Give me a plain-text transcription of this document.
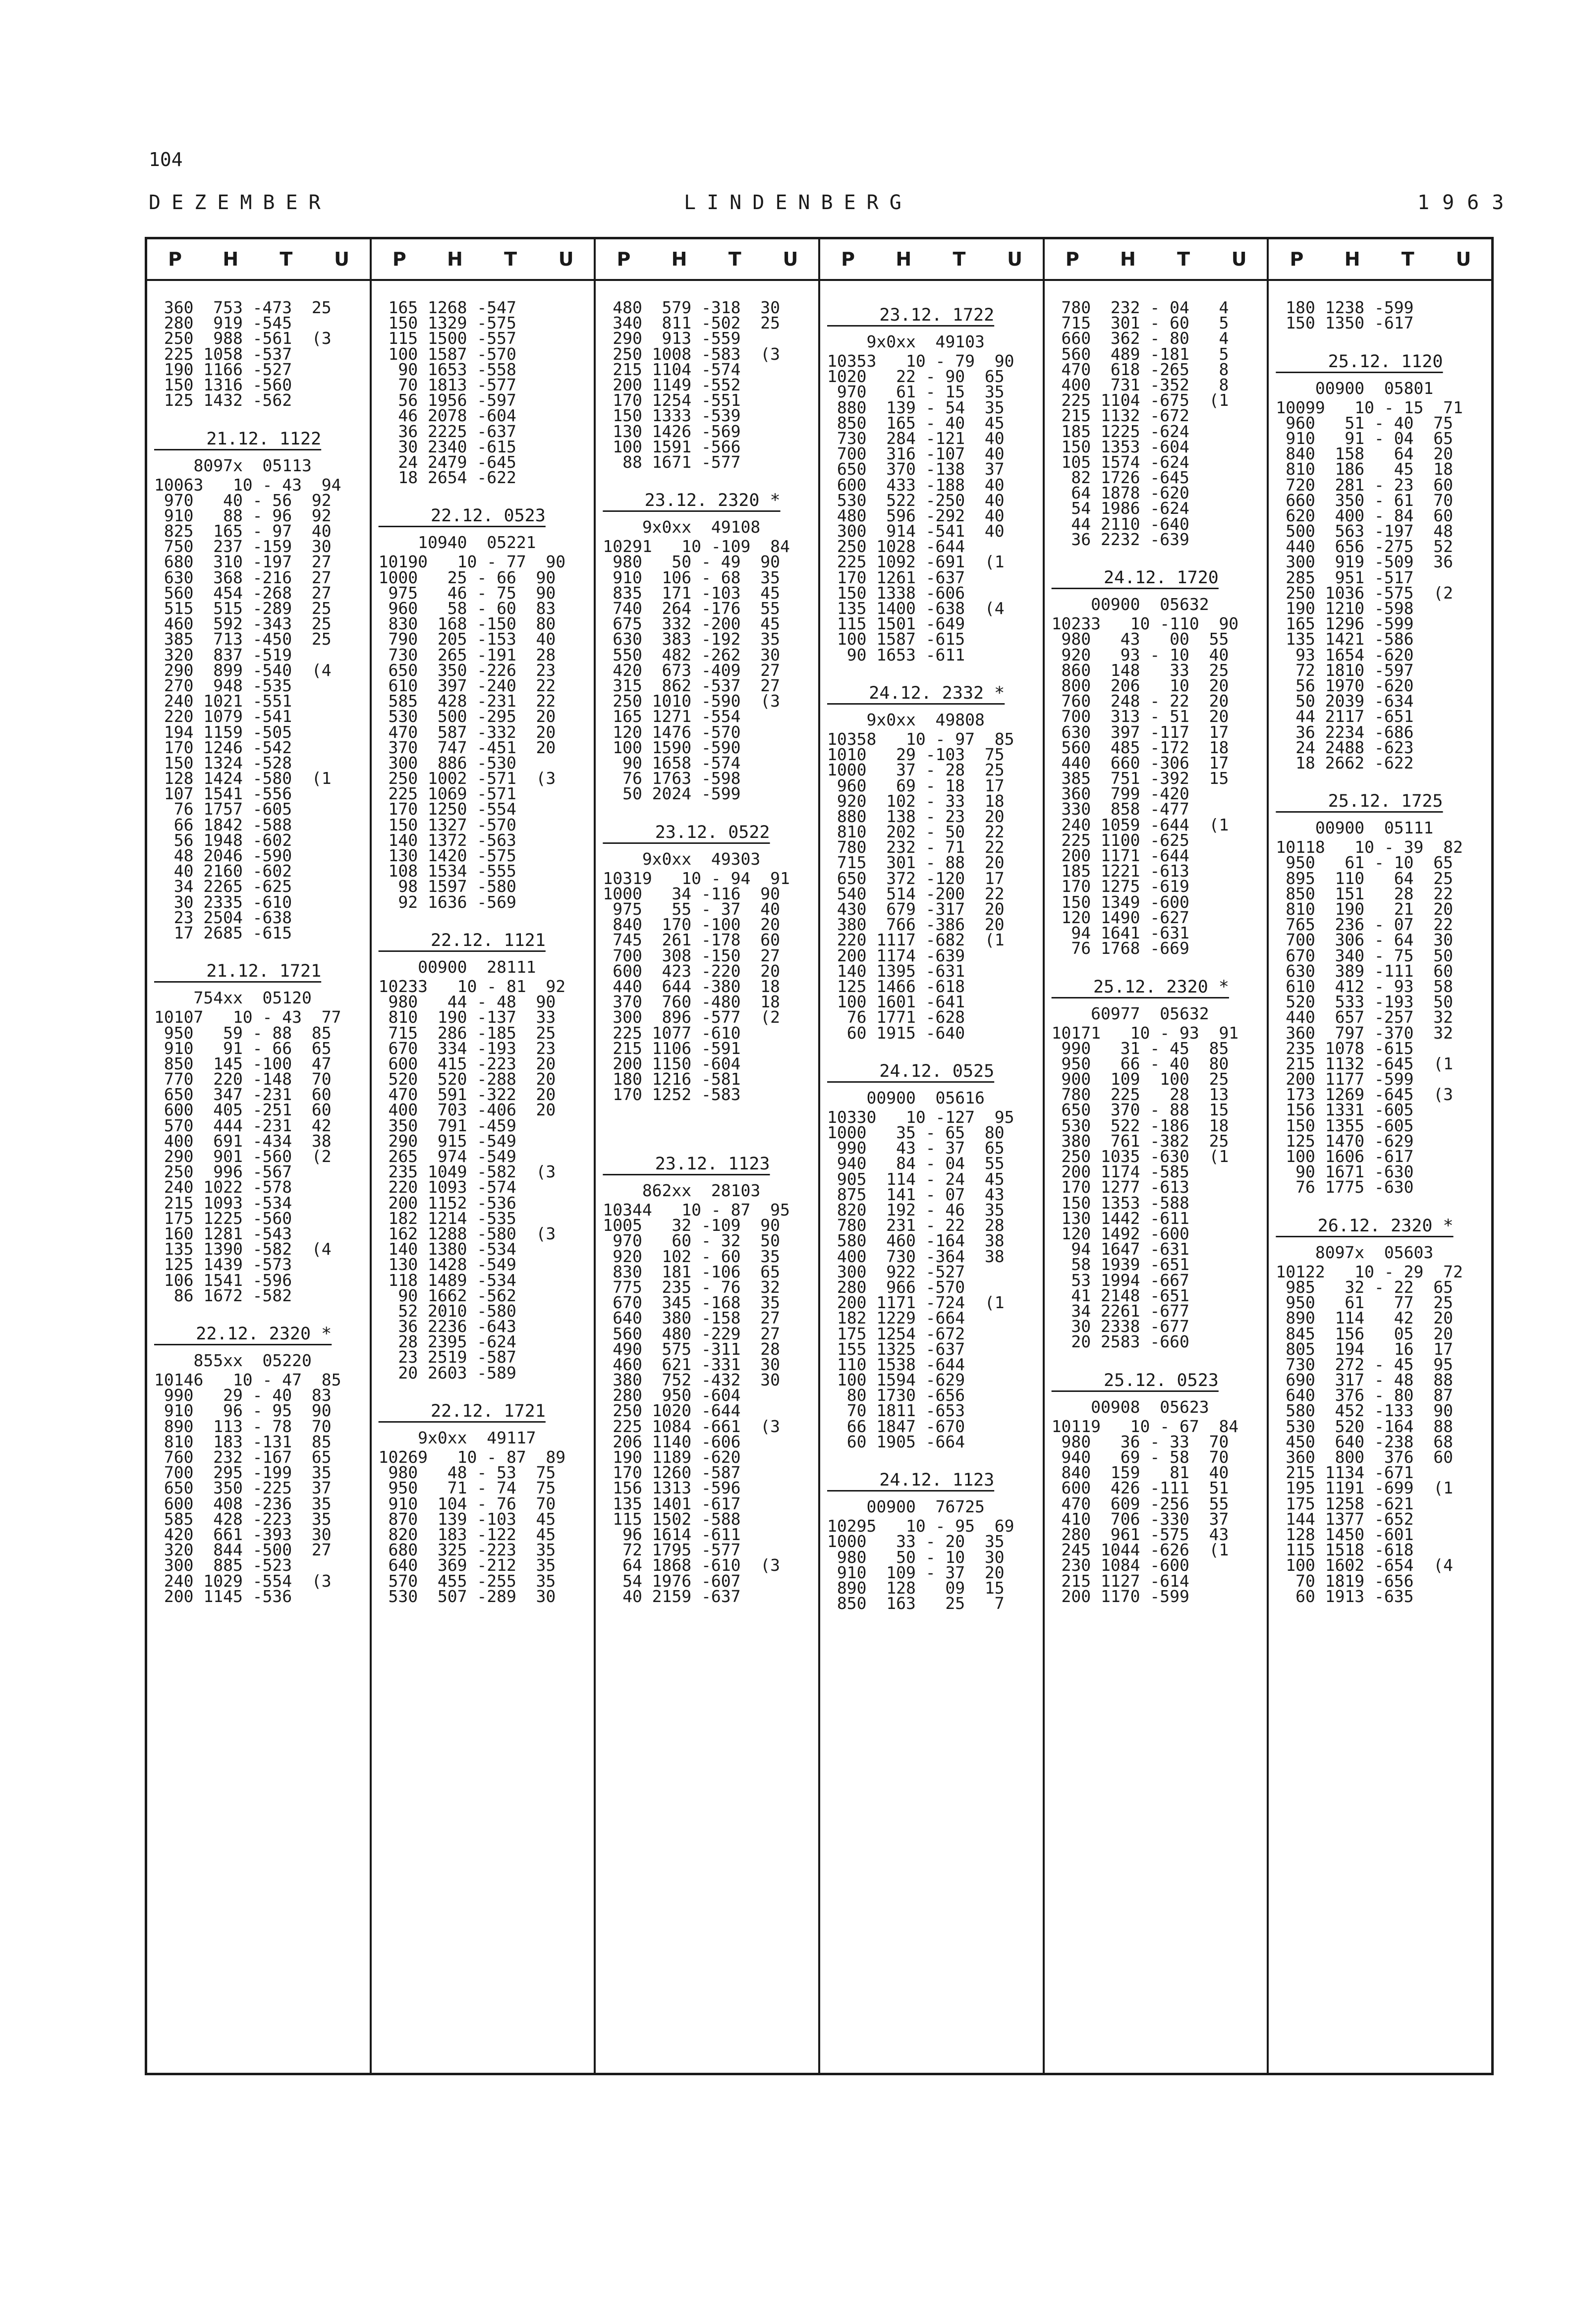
104
DEZEMBER	LINDENBERG	1963
P	H	T	U
360  753 -473  25
280  919 -545
250  988 -561  (3
225 1058 -537
190 1166 -527
150 1316 -560
125 1432 -562
21.12. 1122
8097x  05113
10063   10 - 43  94
970   40 - 56  92
910   88 - 96  92
825  165 - 97  40
750  237 -159  30
680  310 -197  27
630  368 -216  27
560  454 -268  27
515  515 -289  25
460  592 -343  25
385  713 -450  25
320  837 -519
290  899 -540  (4
270  948 -535
240 1021 -551
220 1079 -541
194 1159 -505
170 1246 -542
150 1324 -528
128 1424 -580  (1
107 1541 -556
76 1757 -605
66 1842 -588
56 1948 -602
48 2046 -590
40 2160 -602
34 2265 -625
30 2335 -610
23 2504 -638
17 2685 -615
21.12. 1721
754xx  05120
10107   10 - 43  77
950   59 - 88  85
910   91 - 66  65
850  145 -100  47
770  220 -148  70
650  347 -231  60
600  405 -251  60
570  444 -231  42
400  691 -434  38
290  901 -560  (2
250  996 -567
240 1022 -578
215 1093 -534
175 1225 -560
160 1281 -543
135 1390 -582  (4
125 1439 -573
106 1541 -596
86 1672 -582
22.12. 2320 *
855xx  05220
10146   10 - 47  85
990   29 - 40  83
910   96 - 95  90
890  113 - 78  70
810  183 -131  85
760  232 -167  65
700  295 -199  35
650  350 -225  37
600  408 -236  35
585  428 -223  35
420  661 -393  30
320  844 -500  27
300  885 -523
240 1029 -554  (3
200 1145 -536
P	H	T	U
165 1268 -547
150 1329 -575
115 1500 -557
100 1587 -570
90 1653 -558
70 1813 -577
56 1956 -597
46 2078 -604
36 2225 -637
30 2340 -615
24 2479 -645
18 2654 -622
22.12. 0523
10940  05221
10190   10 - 77  90
1000   25 - 66  90
975   46 - 75  90
960   58 - 60  83
830  168 -150  80
790  205 -153  40
730  265 -191  28
650  350 -226  23
610  397 -240  22
585  428 -231  22
530  500 -295  20
470  587 -332  20
370  747 -451  20
300  886 -530
250 1002 -571  (3
225 1069 -571
170 1250 -554
150 1327 -570
140 1372 -563
130 1420 -575
108 1534 -555
98 1597 -580
92 1636 -569
22.12. 1121
00900  28111
10233   10 - 81  92
980   44 - 48  90
810  190 -137  33
715  286 -185  25
670  334 -193  23
600  415 -223  20
520  520 -288  20
470  591 -322  20
400  703 -406  20
350  791 -459
290  915 -549
265  974 -549
235 1049 -582  (3
220 1093 -574
200 1152 -536
182 1214 -535
162 1288 -580  (3
140 1380 -534
130 1428 -549
118 1489 -534
90 1662 -562
52 2010 -580
36 2236 -643
28 2395 -624
23 2519 -587
20 2603 -589
22.12. 1721
9x0xx  49117
10269   10 - 87  89
980   48 - 53  75
950   71 - 74  75
910  104 - 76  70
870  139 -103  45
820  183 -122  45
680  325 -223  35
640  369 -212  35
570  455 -255  35
530  507 -289  30
P	H	T	U
480  579 -318  30
340  811 -502  25
290  913 -559
250 1008 -583  (3
215 1104 -574
200 1149 -552
170 1254 -551
150 1333 -539
130 1426 -569
100 1591 -566
88 1671 -577
23.12. 2320 *
9x0xx  49108
10291   10 -109  84
980   50 - 49  90
910  106 - 68  35
835  171 -103  45
740  264 -176  55
675  332 -200  45
630  383 -192  35
550  482 -262  30
420  673 -409  27
315  862 -537  27
250 1010 -590  (3
165 1271 -554
120 1476 -570
100 1590 -590
90 1658 -574
76 1763 -598
50 2024 -599
23.12. 0522
9x0xx  49303
10319   10 - 94  91
1000   34 -116  90
975   55 - 37  40
840  170 -100  20
745  261 -178  60
700  308 -150  27
600  423 -220  20
440  644 -380  18
370  760 -480  18
300  896 -577  (2
225 1077 -610
215 1106 -591
200 1150 -604
180 1216 -581
170 1252 -583
23.12. 1123
862xx  28103
10344   10 - 87  95
1005   32 -109  90
970   60 - 32  50
920  102 - 60  35
830  181 -106  65
775  235 - 76  32
670  345 -168  35
640  380 -158  27
560  480 -229  27
490  575 -311  28
460  621 -331  30
380  752 -432  30
280  950 -604
250 1020 -644
225 1084 -661  (3
206 1140 -606
190 1189 -620
170 1260 -587
156 1313 -596
135 1401 -617
115 1502 -588
96 1614 -611
72 1795 -577
64 1868 -610  (3
54 1976 -607
40 2159 -637
P	H	T	U
23.12. 1722
9x0xx  49103
10353   10 - 79  90
1020   22 - 90  65
970   61 - 15  35
880  139 - 54  35
850  165 - 40  45
730  284 -121  40
700  316 -107  40
650  370 -138  37
600  433 -188  40
530  522 -250  40
480  596 -292  40
300  914 -541  40
250 1028 -644
225 1092 -691  (1
170 1261 -637
150 1338 -606
135 1400 -638  (4
115 1501 -649
100 1587 -615
90 1653 -611
24.12. 2332 *
9x0xx  49808
10358   10 - 97  85
1010   29 -103  75
1000   37 - 28  25
960   69 - 18  17
920  102 - 33  18
880  138 - 23  20
810  202 - 50  22
780  232 - 71  22
715  301 - 88  20
650  372 -120  17
540  514 -200  22
430  679 -317  20
380  766 -386  20
220 1117 -682  (1
200 1174 -639
140 1395 -631
125 1466 -618
100 1601 -641
76 1771 -628
60 1915 -640
24.12. 0525
00900  05616
10330   10 -127  95
1000   35 - 65  80
990   43 - 37  65
940   84 - 04  55
905  114 - 24  45
875  141 - 07  43
820  192 - 46  35
780  231 - 22  28
580  460 -164  38
400  730 -364  38
300  922 -527
280  966 -570
200 1171 -724  (1
182 1229 -664
175 1254 -672
155 1325 -637
110 1538 -644
100 1594 -629
80 1730 -656
70 1811 -653
66 1847 -670
60 1905 -664
24.12. 1123
00900  76725
10295   10 - 95  69
1000   33 - 20  35
980   50 - 10  30
910  109 - 37  20
890  128   09  15
850  163   25   7
P	H	T	U
780  232 - 04   4
715  301 - 60   5
660  362 - 80   4
560  489 -181   5
470  618 -265   8
400  731 -352   8
225 1104 -675  (1
215 1132 -672
185 1225 -624
150 1353 -604
105 1574 -624
82 1726 -645
64 1878 -620
54 1986 -624
44 2110 -640
36 2232 -639
24.12. 1720
00900  05632
10233   10 -110  90
980   43   00  55
920   93 - 10  40
860  148   33  25
800  206   10  20
760  248 - 22  20
700  313 - 51  20
630  397 -117  17
560  485 -172  18
440  660 -306  17
385  751 -392  15
360  799 -420
330  858 -477
240 1059 -644  (1
225 1100 -625
200 1171 -644
185 1221 -613
170 1275 -619
150 1349 -600
120 1490 -627
94 1641 -631
76 1768 -669
25.12. 2320 *
60977  05632
10171   10 - 93  91
990   31 - 45  85
950   66 - 40  80
900  109  100  25
780  225   28  13
650  370 - 88  15
530  522 -186  18
380  761 -382  25
250 1035 -630  (1
200 1174 -585
170 1277 -613
150 1353 -588
130 1442 -611
120 1492 -600
94 1647 -631
58 1939 -651
53 1994 -667
41 2148 -651
34 2261 -677
30 2338 -677
20 2583 -660
25.12. 0523
00908  05623
10119   10 - 67  84
980   36 - 33  70
940   69 - 58  70
840  159   81  40
600  426 -111  51
470  609 -256  55
410  706 -330  37
280  961 -575  43
245 1044 -626  (1
230 1084 -600
215 1127 -614
200 1170 -599
P	H	T	U
180 1238 -599
150 1350 -617
25.12. 1120
00900  05801
10099   10 - 15  71
960   51 - 40  75
910   91 - 04  65
840  158   64  20
810  186   45  18
720  281 - 23  60
660  350 - 61  70
620  400 - 84  60
500  563 -197  48
440  656 -275  52
300  919 -509  36
285  951 -517
250 1036 -575  (2
190 1210 -598
165 1296 -599
135 1421 -586
93 1654 -620
72 1810 -597
56 1970 -620
50 2039 -634
44 2117 -651
36 2234 -686
24 2488 -623
18 2662 -622
25.12. 1725
00900  05111
10118   10 - 39  82
950   61 - 10  65
895  110   64  25
850  151   28  22
810  190   21  20
765  236 - 07  22
700  306 - 64  30
670  340 - 75  50
630  389 -111  60
610  412 - 93  58
520  533 -193  50
440  657 -257  32
360  797 -370  32
235 1078 -615
215 1132 -645  (1
200 1177 -599
173 1269 -645  (3
156 1331 -605
150 1355 -605
125 1470 -629
100 1606 -617
90 1671 -630
76 1775 -630
26.12. 2320 *
8097x  05603
10122   10 - 29  72
985   32 - 22  65
950   61   77  25
890  114   42  20
845  156   05  20
805  194   16  17
730  272 - 45  95
690  317 - 48  88
640  376 - 80  87
580  452 -133  90
530  520 -164  88
450  640 -238  68
360  800  376  60
215 1134 -671
195 1191 -699  (1
175 1258 -621
144 1377 -652
128 1450 -601
115 1518 -618
100 1602 -654  (4
70 1819 -656
60 1913 -635
